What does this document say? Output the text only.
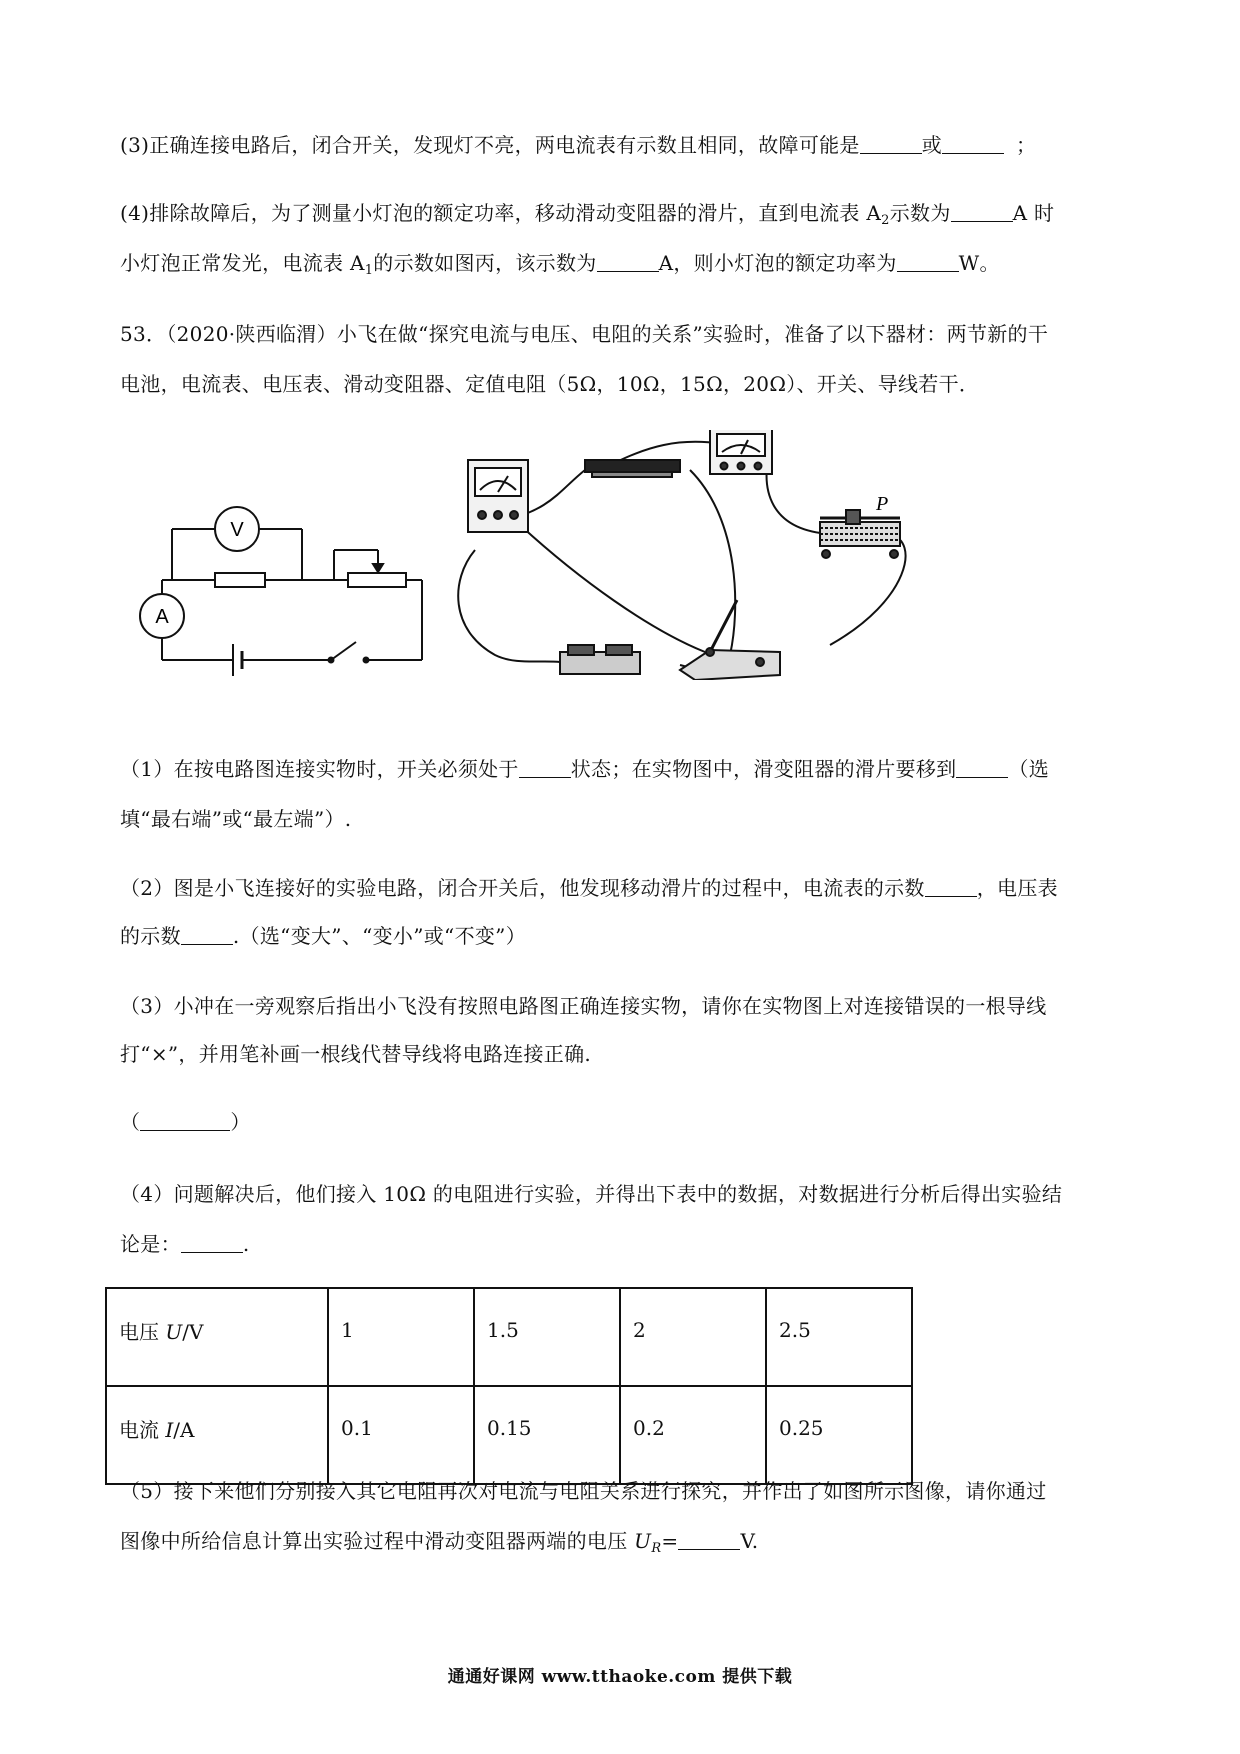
(3)正确连接电路后，闭合开关，发现灯不亮，两电流表有示数且相同，故障可能是	或	；
(4)排除故障后，为了测量小灯泡的额定功率，移动滑动变阻器的滑片，直到电流表 $A_2$示数为	A 时
小灯泡正常发光，电流表 $A_1$的示数如图丙，该示数为	A，则小灯泡的额定功率为	W。
53．（2020·陕西临渭）小飞在做“探究电流与电压、电阻的关系”实验时，准备了以下器材：两节新的干
电池，电流表、电压表、滑动变阻器、定值电阻（5Ω，10Ω，15Ω，20Ω）、开关、导线若干．
V
A
P
（1）在按电路图连接实物时，开关必须处于	状态；在实物图中，滑变阻器的滑片要移到	（选
填“最右端”或“最左端”）.
（2）图是小飞连接好的实验电路，闭合开关后，他发现移动滑片的过程中，电流表的示数	，电压表
的示数	.（选“变大”、“变小”或“不变”）
（3）小冲在一旁观察后指出小飞没有按照电路图正确连接实物，请你在实物图上对连接错误的一根导线
打“×”，并用笔补画一根线代替导线将电路连接正确.
（	）
（4）问题解决后，他们接入 10Ω 的电阻进行实验，并得出下表中的数据，对数据进行分析后得出实验结
论是：	.
电压 U/V	1	1.5	2	2.5
电流 I/A	0.1	0.15	0.2	0.25
（5）接下来他们分别接入其它电阻再次对电流与电阻关系进行探究，并作出了如图所示图像，请你通过
图像中所给信息计算出实验过程中滑动变阻器两端的电压 $U_R=$	V.
通通好课网 www.tthaoke.com 提供下载
